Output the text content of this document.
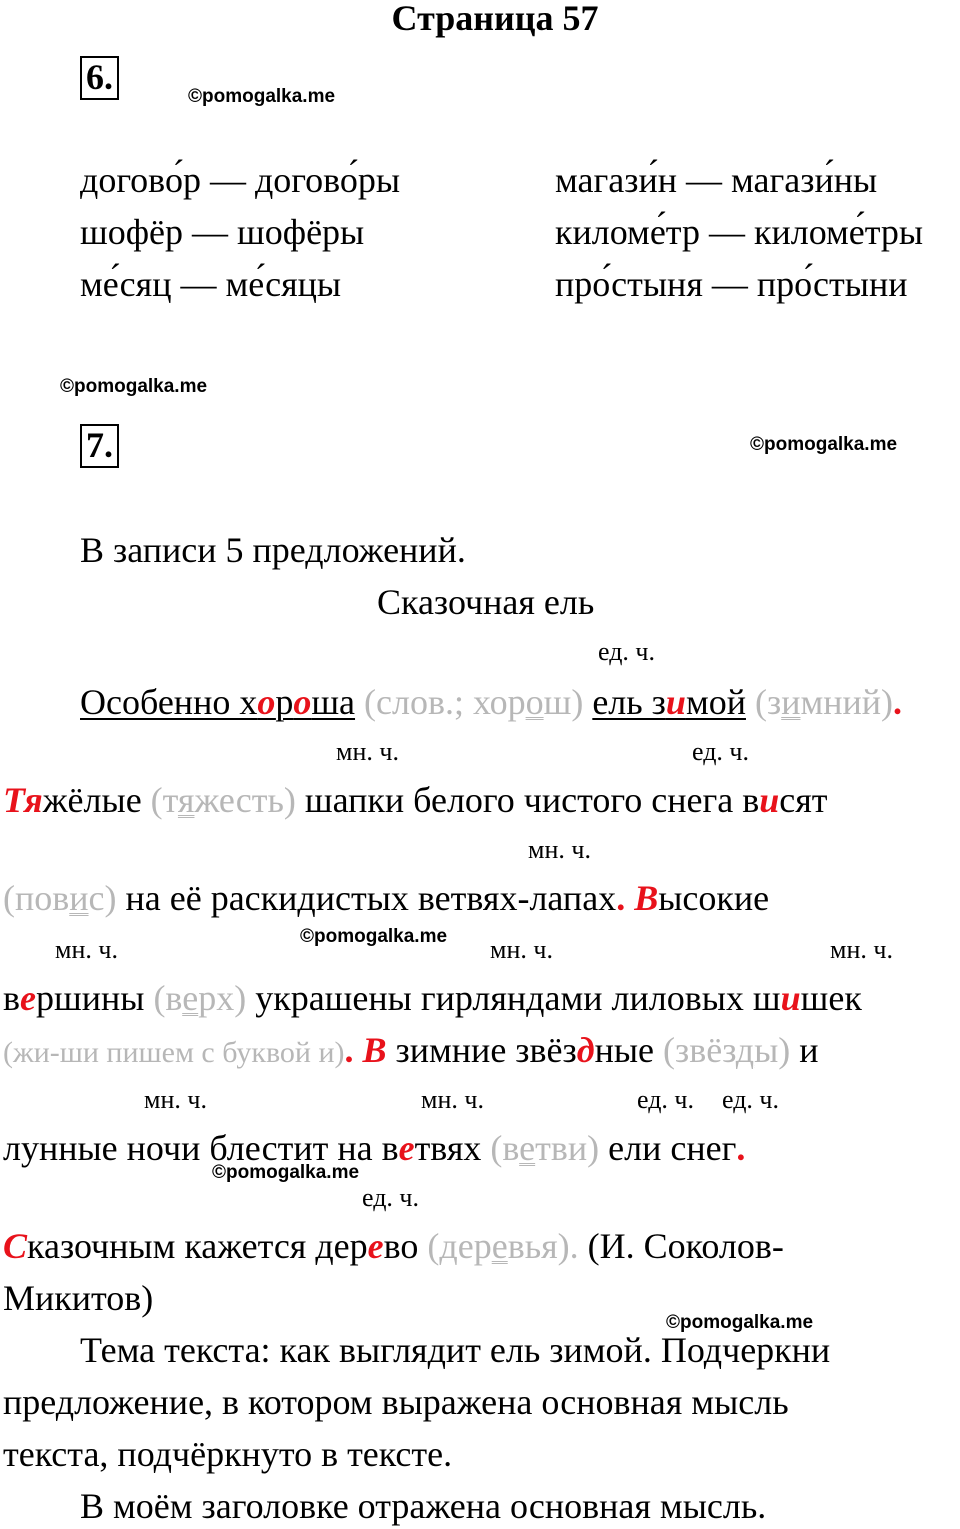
Страница 57
6.	©pomogalka.me
догово́р — догово́ры
шофёр — шофёры
ме́сяц — ме́сяцы
магази́н — магази́ны
киломе́тр — киломе́тры
про́стыня — про́стыни
©pomogalka.me
7.	©pomogalka.me
В записи 5 предложений.
Сказочная ель
ед. ч.
Особенно хороша (слов.; хорош) ель зимой (зимний).
мн. ч.	ед. ч.
Тяжёлые (тяжесть) шапки белого чистого снега висят
мн. ч.
(повис) на её раскидистых ветвях-лапах. Высокие
мн. ч.	©pomogalka.me мн. ч.	мн. ч.
вершины (верх) украшены гирляндами лиловых шишек
(жи-ши пишем с буквой и). В зимние звёздные (звёзды) и
мн. ч.	мн. ч.	ед. ч. ед. ч.
лунные ночи блестит на ветвях (ветви) ели снег.
©pomogalka.me
ед. ч.
Сказочным кажется дерево (деревья). (И. Соколов-
Микитов)
©pomogalka.me
Тема текста: как выглядит ель зимой. Подчеркни
предложение, в котором выражена основная мысль
текста, подчёркнуто в тексте.
В моём заголовке отражена основная мысль.
